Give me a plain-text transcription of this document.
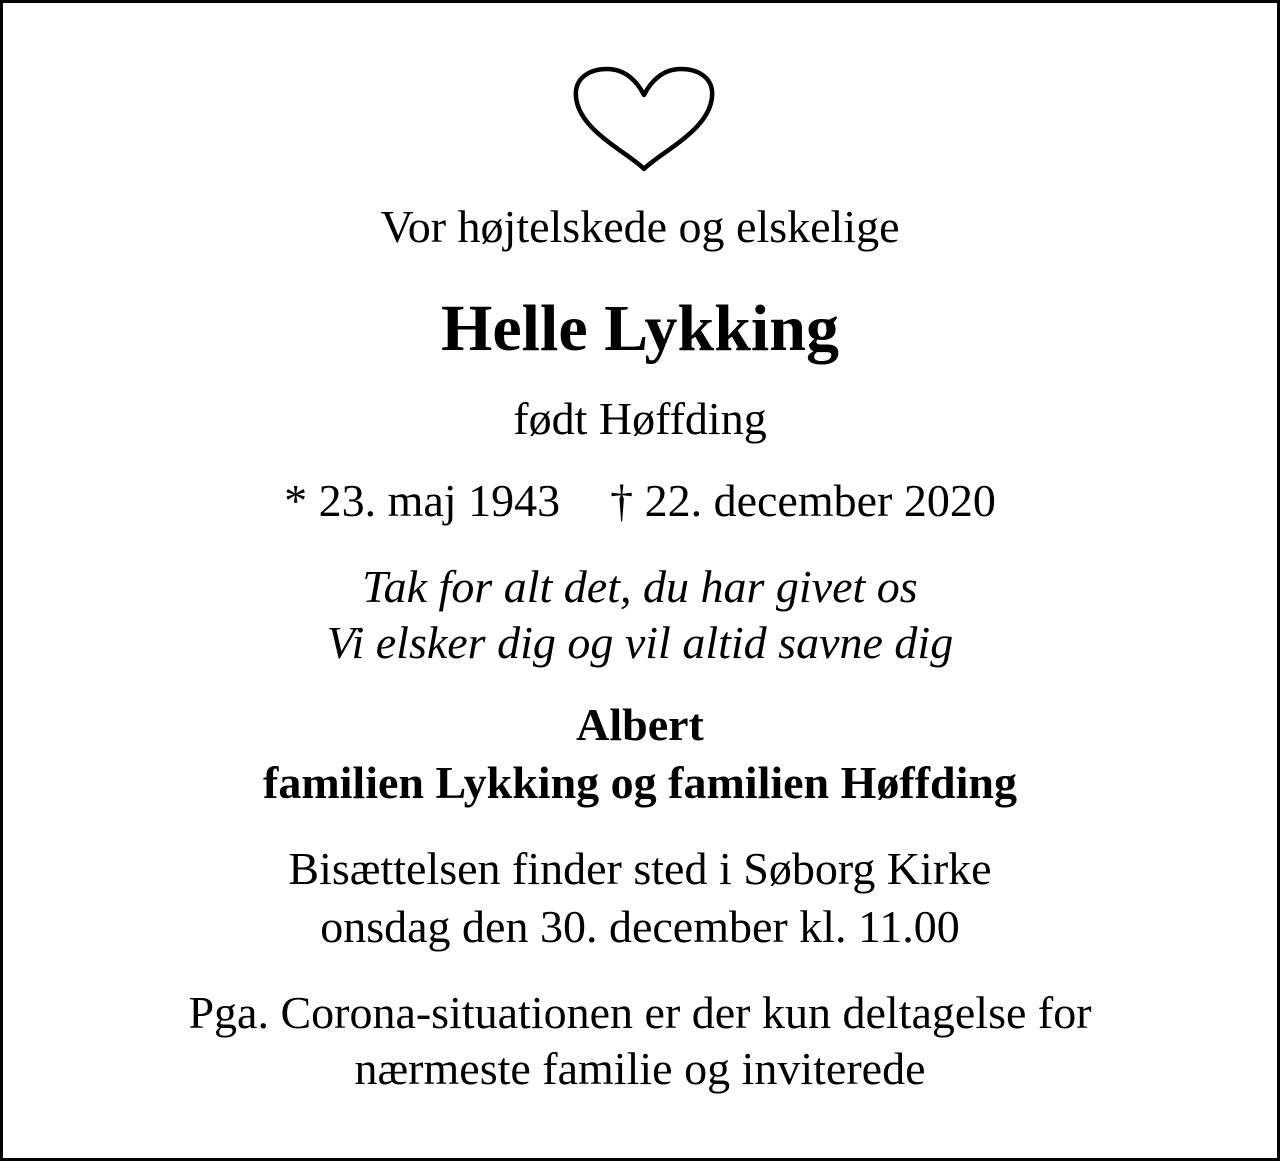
Vor højtelskede og elskelige
Helle Lykking
født Høffding
* 23. maj 1943 † 22. december 2020
Tak for alt det, du har givet os
Vi elsker dig og vil altid savne dig
Albert
familien Lykking og familien Høffding
Bisættelsen finder sted i Søborg Kirke
onsdag den 30. december kl. 11.00
Pga. Corona-situationen er der kun deltagelse for
nærmeste familie og inviterede
